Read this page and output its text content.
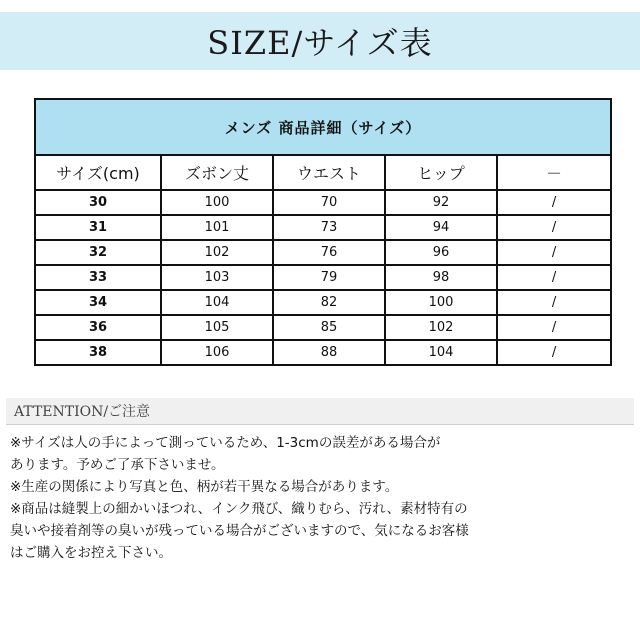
SIZE/サイズ表
メンズ 商品詳細（サイズ）				
サイズ(cm)	ズボン丈	ウエスト	ヒップ	－
30	100	70	92	/
31	101	73	94	/
32	102	76	96	/
33	103	79	98	/
34	104	82	100	/
36	105	85	102	/
38	106	88	104	/
ATTENTION/ご注意

※サイズは人の手によって測っているため、1-3cmの誤差がある場合が

あります。予めご了承下さいませ。

※生産の関係により写真と色、柄が若干異なる場合があります。

※商品は縫製上の細かいほつれ、インク飛び、織りむら、汚れ、素材特有の

臭いや接着剤等の臭いが残っている場合がございますので、気になるお客様

はご購入をお控え下さい。
